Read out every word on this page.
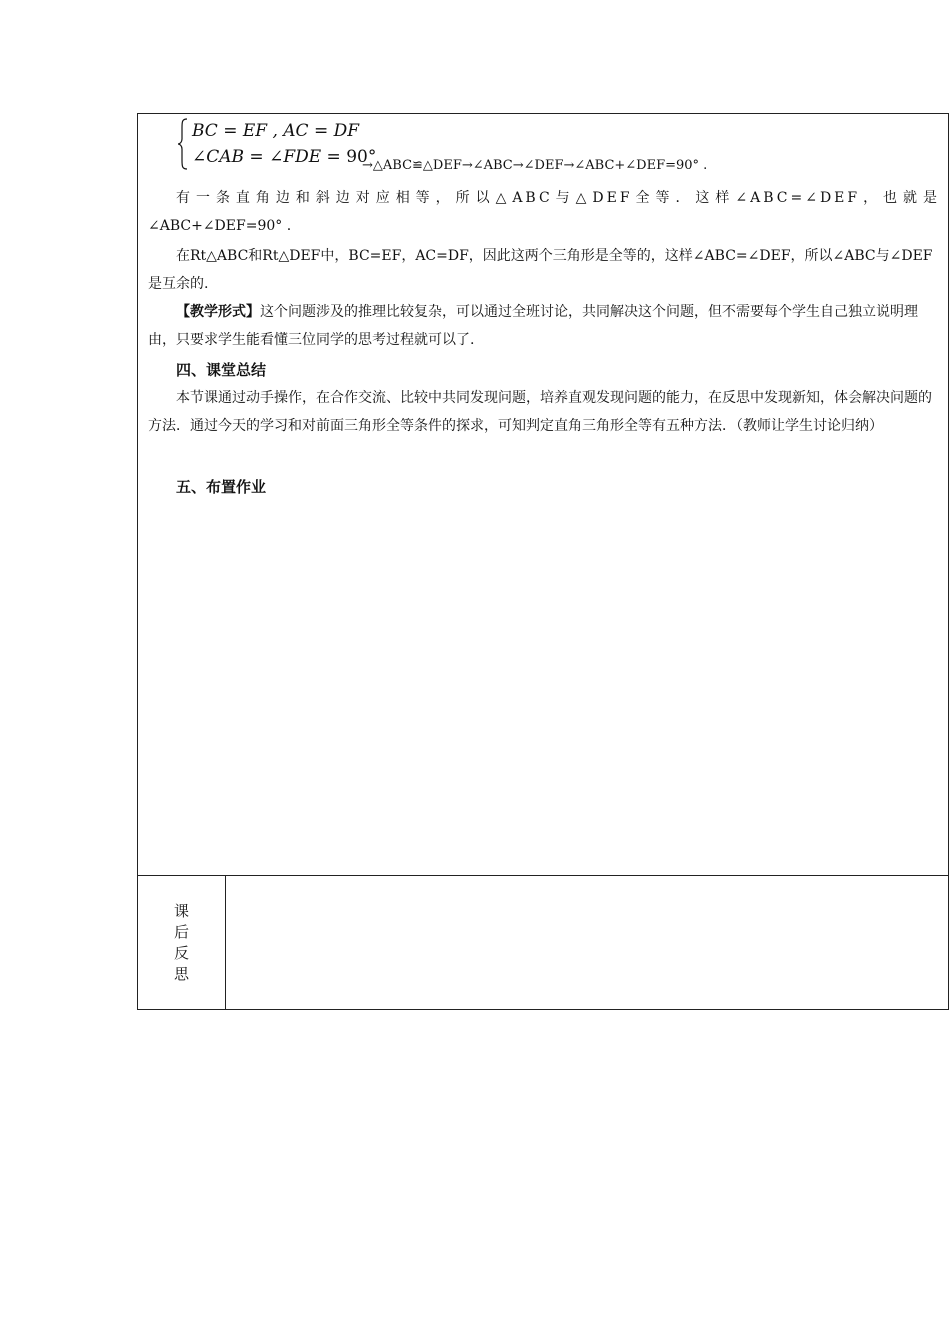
BC = EF , AC = DF
∠CAB = ∠FDE = 90°
→△ABC≌△DEF→∠ABC→∠DEF→∠ABC+∠DEF=90° .

有一条直角边和斜边对应相等，所以△ABC与△DEF全等．这样∠ABC=∠DEF，也就是

∠ABC+∠DEF=90° .

在Rt△ABC和Rt△DEF中，BC=EF，AC=DF，因此这两个三角形是全等的，这样∠ABC=∠DEF，所以∠ABC与∠DEF是互余的.

【教学形式】这个问题涉及的推理比较复杂，可以通过全班讨论，共同解决这个问题，但不需要每个学生自己独立说明理由，只要求学生能看懂三位同学的思考过程就可以了.

四、课堂总结

本节课通过动手操作，在合作交流、比较中共同发现问题，培养直观发现问题的能力，在反思中发现新知，体会解决问题的方法．通过今天的学习和对前面三角形全等条件的探求，可知判定直角三角形全等有五种方法．（教师让学生讨论归纳）

五、布置作业
课
后
反
思
